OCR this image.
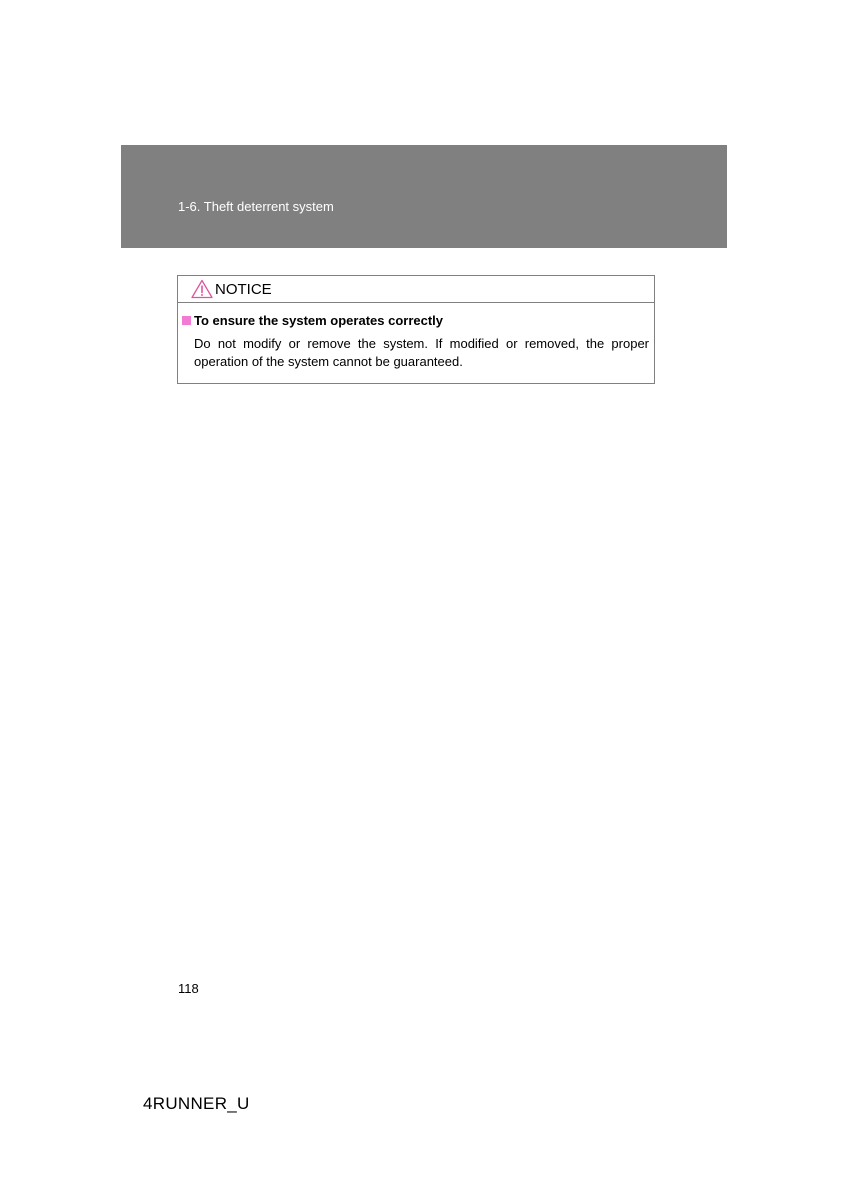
1-6. Theft deterrent system
NOTICE
To ensure the system operates correctly
Do not modify or remove the system. If modified or removed, the proper operation of the system cannot be guaranteed.
118
4RUNNER_U
